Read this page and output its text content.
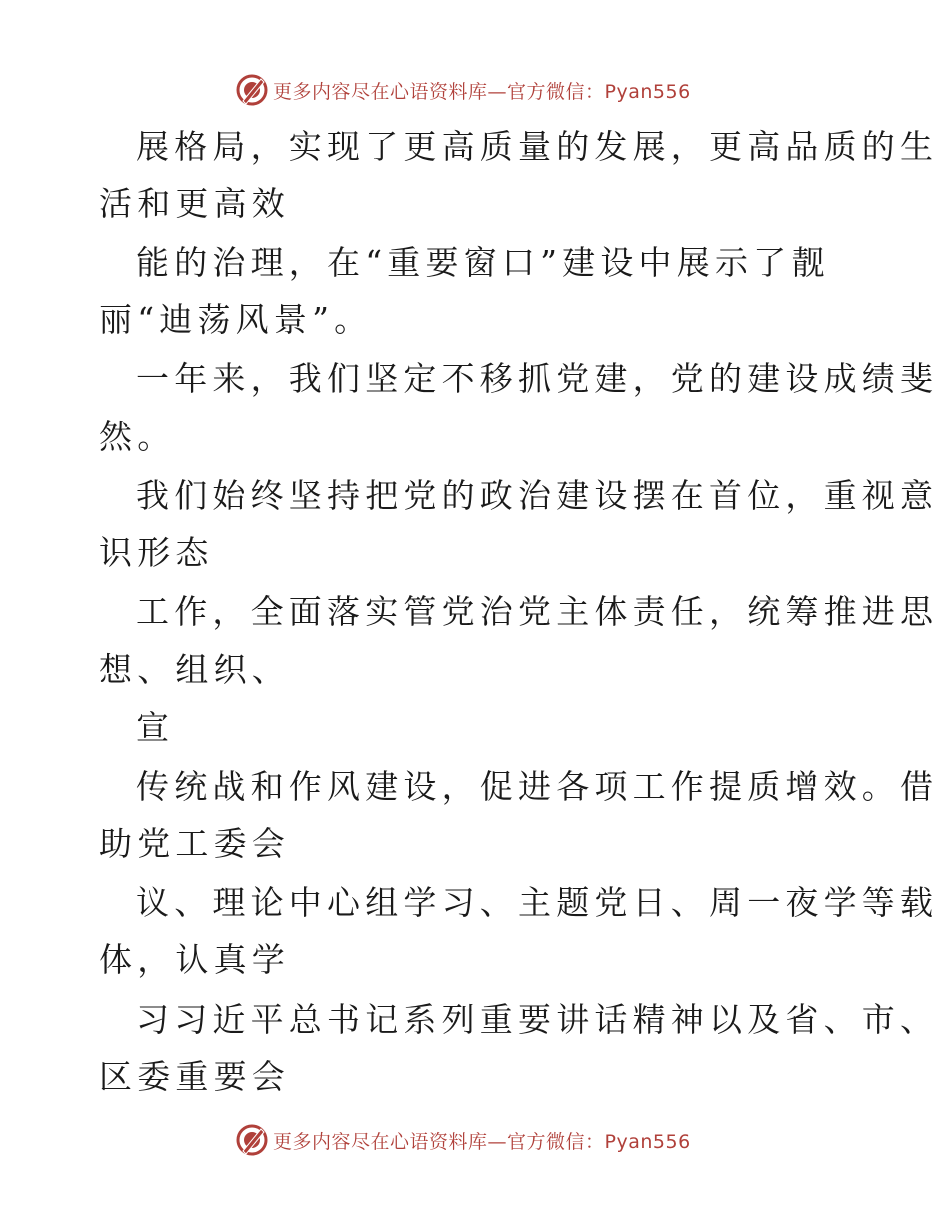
更多内容尽在心语资料库—官方微信：Pyan556
展格局，实现了更高质量的发展，更高品质的生
活和更高效
能的治理，在“重要窗口”建设中展示了靓
丽“迪荡风景”。
一年来，我们坚定不移抓党建，党的建设成绩斐
然。
我们始终坚持把党的政治建设摆在首位，重视意
识形态
工作，全面落实管党治党主体责任，统筹推进思
想、组织、
宣
传统战和作风建设，促进各项工作提质增效。借
助党工委会
议、理论中心组学习、主题党日、周一夜学等载
体，认真学
习习近平总书记系列重要讲话精神以及省、市、
区委重要会
更多内容尽在心语资料库—官方微信：Pyan556
